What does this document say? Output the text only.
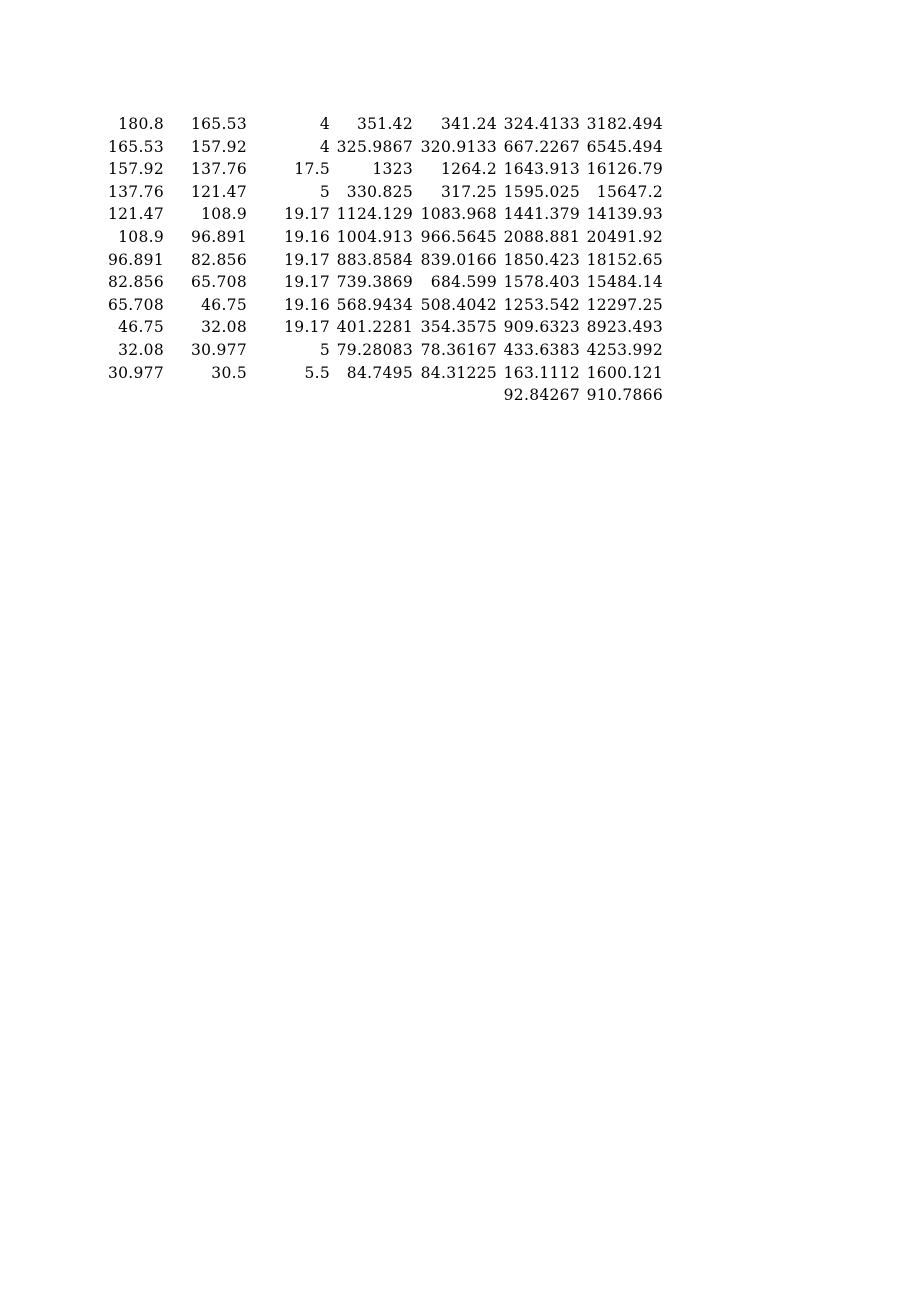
180.8	165.53	4	351.42	341.24	324.4133	3182.494
165.53	157.92	4	325.9867	320.9133	667.2267	6545.494
157.92	137.76	17.5	1323	1264.2	1643.913	16126.79
137.76	121.47	5	330.825	317.25	1595.025	15647.2
121.47	108.9	19.17	1124.129	1083.968	1441.379	14139.93
108.9	96.891	19.16	1004.913	966.5645	2088.881	20491.92
96.891	82.856	19.17	883.8584	839.0166	1850.423	18152.65
82.856	65.708	19.17	739.3869	684.599	1578.403	15484.14
65.708	46.75	19.16	568.9434	508.4042	1253.542	12297.25
46.75	32.08	19.17	401.2281	354.3575	909.6323	8923.493
32.08	30.977	5	79.28083	78.36167	433.6383	4253.992
30.977	30.5	5.5	84.7495	84.31225	163.1112	1600.121
					92.84267	910.7866
